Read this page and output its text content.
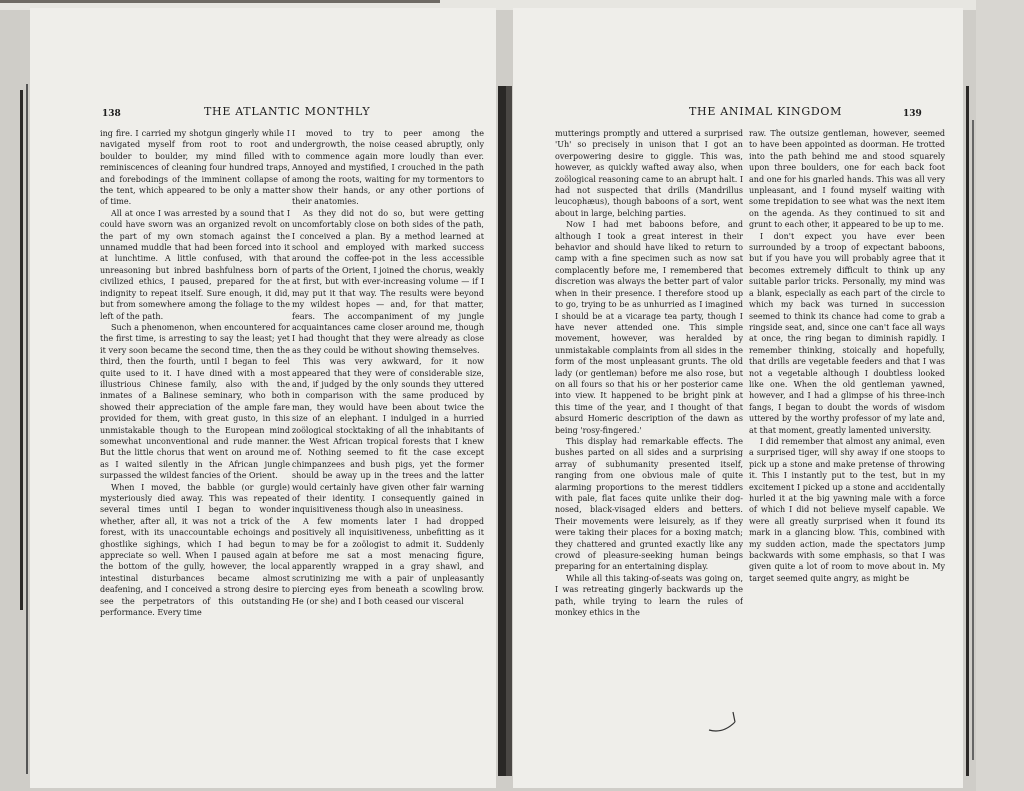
138	THE ATLANTIC MONTHLY

ing fire. I carried my shotgun gingerly while I navigated myself from root to root and boulder to boulder, my mind filled with reminiscences of cleaning four hundred traps, and forebodings of the imminent collapse of the tent, which appeared to be only a matter of time.

All at once I was arrested by a sound that I could have sworn was an organized revolt on the part of my own stomach against the unnamed muddle that had been forced into it at lunchtime. A little confused, with that unreasoning but inbred bashfulness born of civilized ethics, I paused, prepared for the indignity to repeat itself. Sure enough, it did, but from somewhere among the foliage to the left of the path.

Such a phenomenon, when encountered for the first time, is arresting to say the least; yet it very soon became the second time, then the third, then the fourth, until I began to feel quite used to it. I have dined with a most illustrious Chinese family, also with the inmates of a Balinese seminary, who both showed their appreciation of the ample fare provided for them, with great gusto, in this unmistakable though to the European mind somewhat unconventional and rude manner. But the little chorus that went on around me as I waited silently in the African jungle surpassed the wildest fancies of the Orient.

When I moved, the babble (or gurgle) mysteriously died away. This was repeated several times until I began to wonder whether, after all, it was not a trick of the forest, with its unaccountable echoings and ghostlike sighings, which I had begun to appreciate so well. When I paused again at the bottom of the gully, however, the local intestinal disturbances became almost deafening, and I conceived a strong desire to see the perpetrators of this outstanding performance. Every time

I moved to try to peer among the undergrowth, the noise ceased abruptly, only to commence again more loudly than ever. Annoyed and mystified, I crouched in the path among the roots, waiting for my tormentors to show their hands, or any other portions of their anatomies.

As they did not do so, but were getting uncomfortably close on both sides of the path, I conceived a plan. By a method learned at school and employed with marked success around the coffee-pot in the less accessible parts of the Orient, I joined the chorus, weakly at first, but with ever-increasing volume — if I may put it that way. The results were beyond my wildest hopes — and, for that matter, fears. The accompaniment of my jungle acquaintances came closer around me, though I had thought that they were already as close as they could be without showing themselves.

This was very awkward, for it now appeared that they were of considerable size, and, if judged by the only sounds they uttered in comparison with the same produced by man, they would have been about twice the size of an elephant. I indulged in a hurried zoölogical stocktaking of all the inhabitants of the West African tropical forests that I knew of. Nothing seemed to fit the case except chimpanzees and bush pigs, yet the former should be away up in the trees and the latter would certainly have given other fair warning of their identity. I consequently gained in inquisitiveness though also in uneasiness.

A few moments later I had dropped positively all inquisitiveness, unbefitting as it may be for a zoölogist to admit it. Suddenly before me sat a most menacing figure, apparently wrapped in a gray shawl, and scrutinizing me with a pair of unpleasantly piercing eyes from beneath a scowling brow. He (or she) and I both ceased our visceral

THE ANIMAL KINGDOM	139

mutterings promptly and uttered a surprised 'Uh' so precisely in unison that I got an overpowering desire to giggle. This was, however, as quickly wafted away also, when zoölogical reasoning came to an abrupt halt. I had not suspected that drills (Mandrillus leucophæus), though baboons of a sort, went about in large, belching parties.

Now I had met baboons before, and although I took a great interest in their behavior and should have liked to return to camp with a fine specimen such as now sat complacently before me, I remembered that discretion was always the better part of valor when in their presence. I therefore stood up to go, trying to be as unhurried as I imagined I should be at a vicarage tea party, though I have never attended one. This simple movement, however, was heralded by unmistakable complaints from all sides in the form of the most unpleasant grunts. The old lady (or gentleman) before me also rose, but on all fours so that his or her posterior came into view. It happened to be bright pink at this time of the year, and I thought of that absurd Homeric description of the dawn as being 'rosy-fingered.'

This display had remarkable effects. The bushes parted on all sides and a surprising array of subhumanity presented itself, ranging from one obvious male of quite alarming proportions to the merest tiddlers with pale, flat faces quite unlike their dog-nosed, black-visaged elders and betters. Their movements were leisurely, as if they were taking their places for a boxing match; they chattered and grunted exactly like any crowd of pleasure-seeking human beings preparing for an entertaining display.

While all this taking-of-seats was going on, I was retreating gingerly backwards up the path, while trying to learn the rules of monkey ethics in the

raw. The outsize gentleman, however, seemed to have been appointed as doorman. He trotted into the path behind me and stood squarely upon three boulders, one for each back foot and one for his gnarled hands. This was all very unpleasant, and I found myself waiting with some trepidation to see what was the next item on the agenda. As they continued to sit and grunt to each other, it appeared to be up to me.

I don't expect you have ever been surrounded by a troop of expectant baboons, but if you have you will probably agree that it becomes extremely difficult to think up any suitable parlor tricks. Personally, my mind was a blank, especially as each part of the circle to which my back was turned in succession seemed to think its chance had come to grab a ringside seat, and, since one can't face all ways at once, the ring began to diminish rapidly. I remember thinking, stoically and hopefully, that drills are vegetable feeders and that I was not a vegetable although I doubtless looked like one. When the old gentleman yawned, however, and I had a glimpse of his three-inch fangs, I began to doubt the words of wisdom uttered by the worthy professor of my late and, at that moment, greatly lamented university.

I did remember that almost any animal, even a surprised tiger, will shy away if one stoops to pick up a stone and make pretense of throwing it. This I instantly put to the test, but in my excitement I picked up a stone and accidentally hurled it at the big yawning male with a force of which I did not believe myself capable. We were all greatly surprised when it found its mark in a glancing blow. This, combined with my sudden action, made the spectators jump backwards with some emphasis, so that I was given quite a lot of room to move about in. My target seemed quite angry, as might be
